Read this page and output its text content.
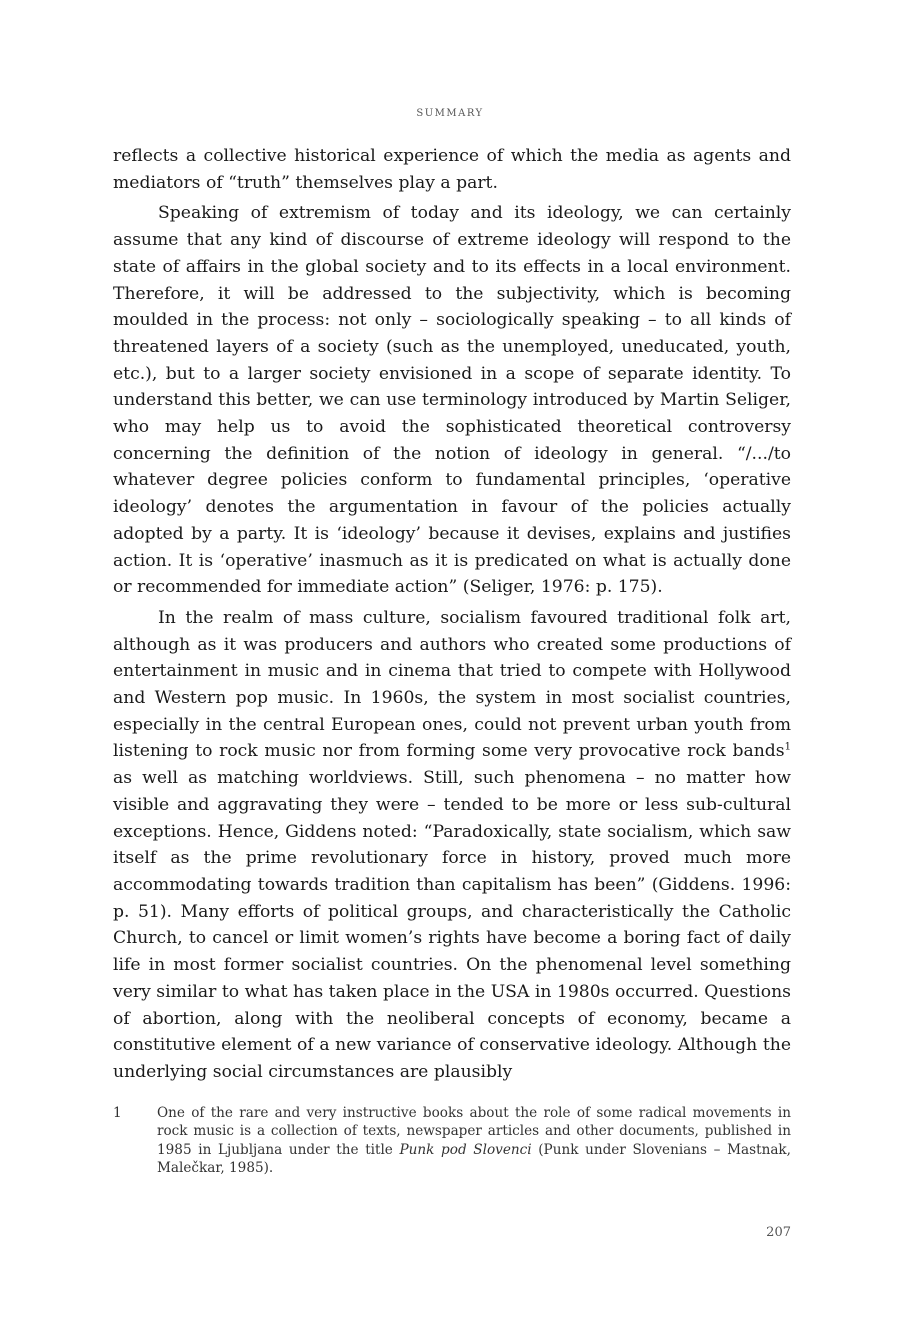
SUMMARY

reflects a collective historical experience of which the media as agents and mediators of “truth” themselves play a part.

Speaking of extremism of today and its ideology, we can certainly assume that any kind of discourse of extreme ideology will respond to the state of affairs in the global society and to its effects in a local environment. Therefore, it will be addressed to the subjectivity, which is becoming moulded in the process: not only – sociologically speaking – to all kinds of threatened layers of a society (such as the unemployed, uneducated, youth, etc.), but to a larger society envisioned in a scope of separate identity. To understand this better, we can use terminology introduced by Martin Seliger, who may help us to avoid the sophisticated theoretical controversy concerning the definition of the notion of ideology in general. “/.../to whatever degree policies conform to fundamental principles, ‘operative ideology’ denotes the argumentation in favour of the policies actually adopted by a party. It is ‘ideology’ because it devises, explains and justifies action. It is ‘operative’ inasmuch as it is predicated on what is actually done or recommended for immediate action” (Seliger, 1976: p. 175).

In the realm of mass culture, socialism favoured traditional folk art, although as it was producers and authors who created some productions of entertainment in music and in cinema that tried to compete with Hollywood and Western pop music. In 1960s, the system in most socialist countries, especially in the central European ones, could not prevent urban youth from listening to rock music nor from forming some very provocative rock bands$^1$ as well as matching worldviews. Still, such phenomena – no matter how visible and aggravating they were – tended to be more or less sub-cultural exceptions. Hence, Giddens noted: “Paradoxically, state socialism, which saw itself as the prime revolutionary force in history, proved much more accommodating towards tradition than capitalism has been” (Giddens. 1996: p. 51). Many efforts of political groups, and characteristically the Catholic Church, to cancel or limit women’s rights have become a boring fact of daily life in most former socialist countries. On the phenomenal level something very similar to what has taken place in the USA in 1980s occurred. Questions of abortion, along with the neoliberal concepts of economy, became a constitutive element of a new variance of conservative ideology. Although the underlying social circumstances are plausibly

1	One of the rare and very instructive books about the role of some radical movements in rock music is a collection of texts, newspaper articles and other documents, published in 1985 in Ljubljana under the title Punk pod Slovenci (Punk under Slovenians – Mastnak, Malečkar, 1985).
207
